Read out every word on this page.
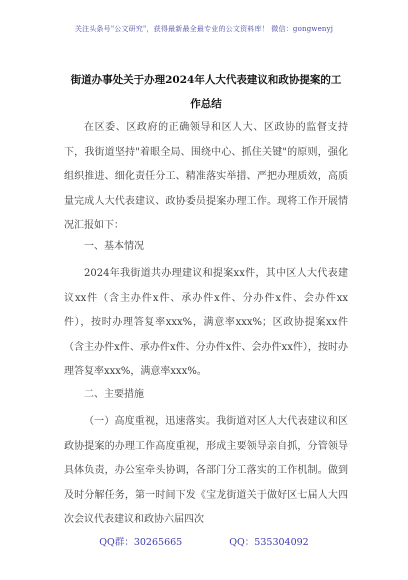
关注头条号"公文研究"，获得最新最全最专业的公文资料库！ 微信：gongwenyj
街道办事处关于办理2024年人大代表建议和政协提案的工
作总结
在区委、区政府的正确领导和区人大、区政协的监督支持下，我街道坚持"着眼全局、围绕中心、抓住关键"的原则，强化组织推进、细化责任分工、精准落实举措、严把办理质效，高质量完成人大代表建议、政协委员提案办理工作。现将工作开展情况汇报如下：
一、基本情况
2024年我街道共办理建议和提案xx件，其中区人大代表建议xx件（含主办件x件、承办件x件、分办件x件、会办件xx件），按时办理答复率xxx%，满意率xxx%；区政协提案xx件（含主办件x件、承办件x件、分办件x件、会办件xx件），按时办理答复率xxx%，满意率xxx%。
二、主要措施
（一）高度重视，迅速落实。我街道对区人大代表建议和区政协提案的办理工作高度重视，形成主要领导亲自抓，分管领导具体负责，办公室牵头协调，各部门分工落实的工作机制。做到及时分解任务，第一时间下发《宝龙街道关于做好区七届人大四次会议代表建议和政协六届四次
QQ群：30265665	QQ：535304092
